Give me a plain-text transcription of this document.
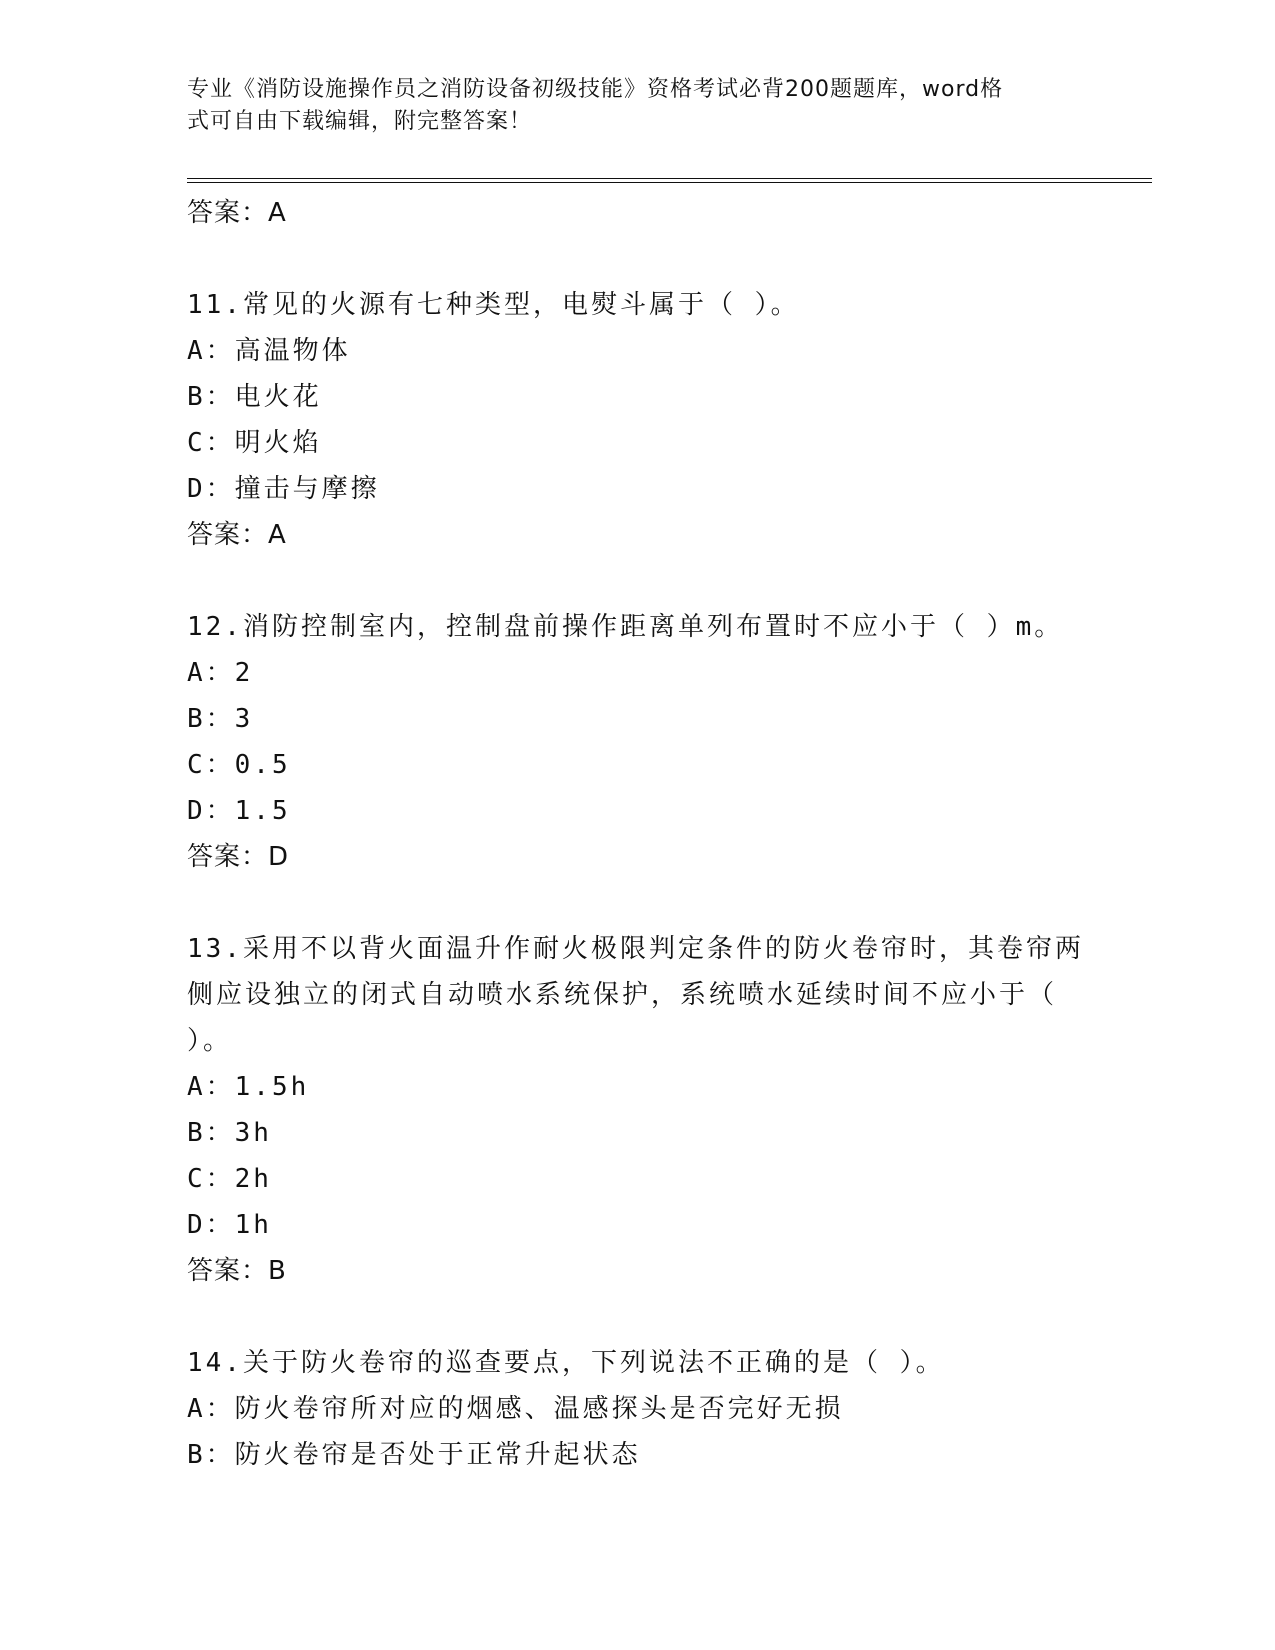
专业《消防设施操作员之消防设备初级技能》资格考试必背200题题库，word格
式可自由下载编辑，附完整答案！
答案：A
11.常见的火源有七种类型，电熨斗属于（ ）。
A：高温物体
B：电火花
C：明火焰
D：撞击与摩擦
答案：A
12.消防控制室内，控制盘前操作距离单列布置时不应小于（ ）m。
A：2
B：3
C：0.5
D：1.5
答案：D
13.采用不以背火面温升作耐火极限判定条件的防火卷帘时，其卷帘两
侧应设独立的闭式自动喷水系统保护，系统喷水延续时间不应小于（
）。
A：1.5h
B：3h
C：2h
D：1h
答案：B
14.关于防火卷帘的巡查要点，下列说法不正确的是（ ）。
A：防火卷帘所对应的烟感、温感探头是否完好无损
B：防火卷帘是否处于正常升起状态
